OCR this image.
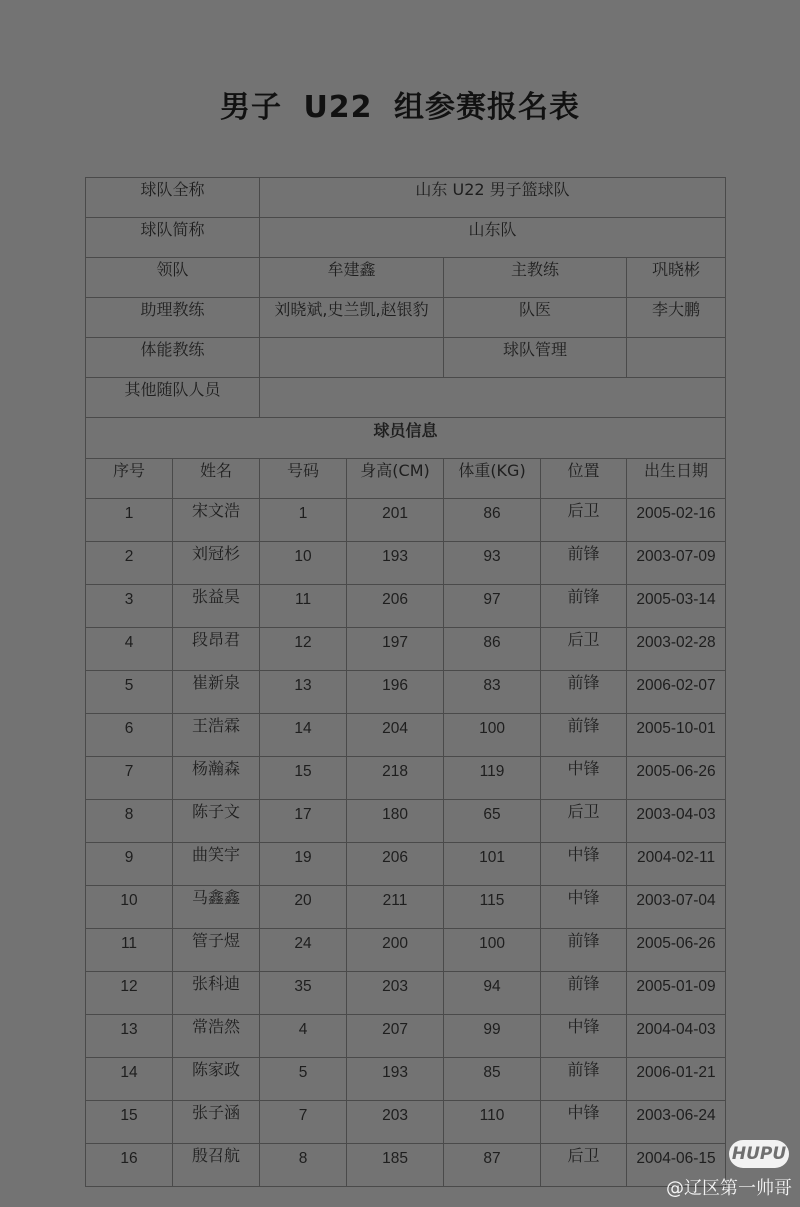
男子 U22 组参赛报名表
球队全称		山东 U22 男子篮球队				
球队简称		山东队				
领队		牟建鑫		主教练		巩晓彬
助理教练		刘晓斌,史兰凯,赵银豹		队医		李大鹏
体能教练				球队管理		
其他随队人员						
球员信息						
序号	姓名	号码	身高(CM)	体重(KG)	位置	出生日期
1	宋文浩	1	201	86	后卫	2005-02-16
2	刘冠杉	10	193	93	前锋	2003-07-09
3	张益昊	11	206	97	前锋	2005-03-14
4	段昂君	12	197	86	后卫	2003-02-28
5	崔新泉	13	196	83	前锋	2006-02-07
6	王浩霖	14	204	100	前锋	2005-10-01
7	杨瀚森	15	218	119	中锋	2005-06-26
8	陈子文	17	180	65	后卫	2003-04-03
9	曲笑宇	19	206	101	中锋	2004-02-11
10	马鑫鑫	20	211	115	中锋	2003-07-04
11	管子煜	24	200	100	前锋	2005-06-26
12	张科迪	35	203	94	前锋	2005-01-09
13	常浩然	4	207	99	中锋	2004-04-03
14	陈家政	5	193	85	前锋	2006-01-21
15	张子涵	7	203	110	中锋	2003-06-24
16	殷召航	8	185	87	后卫	2004-06-15 HUPU
@辽区第一帅哥
